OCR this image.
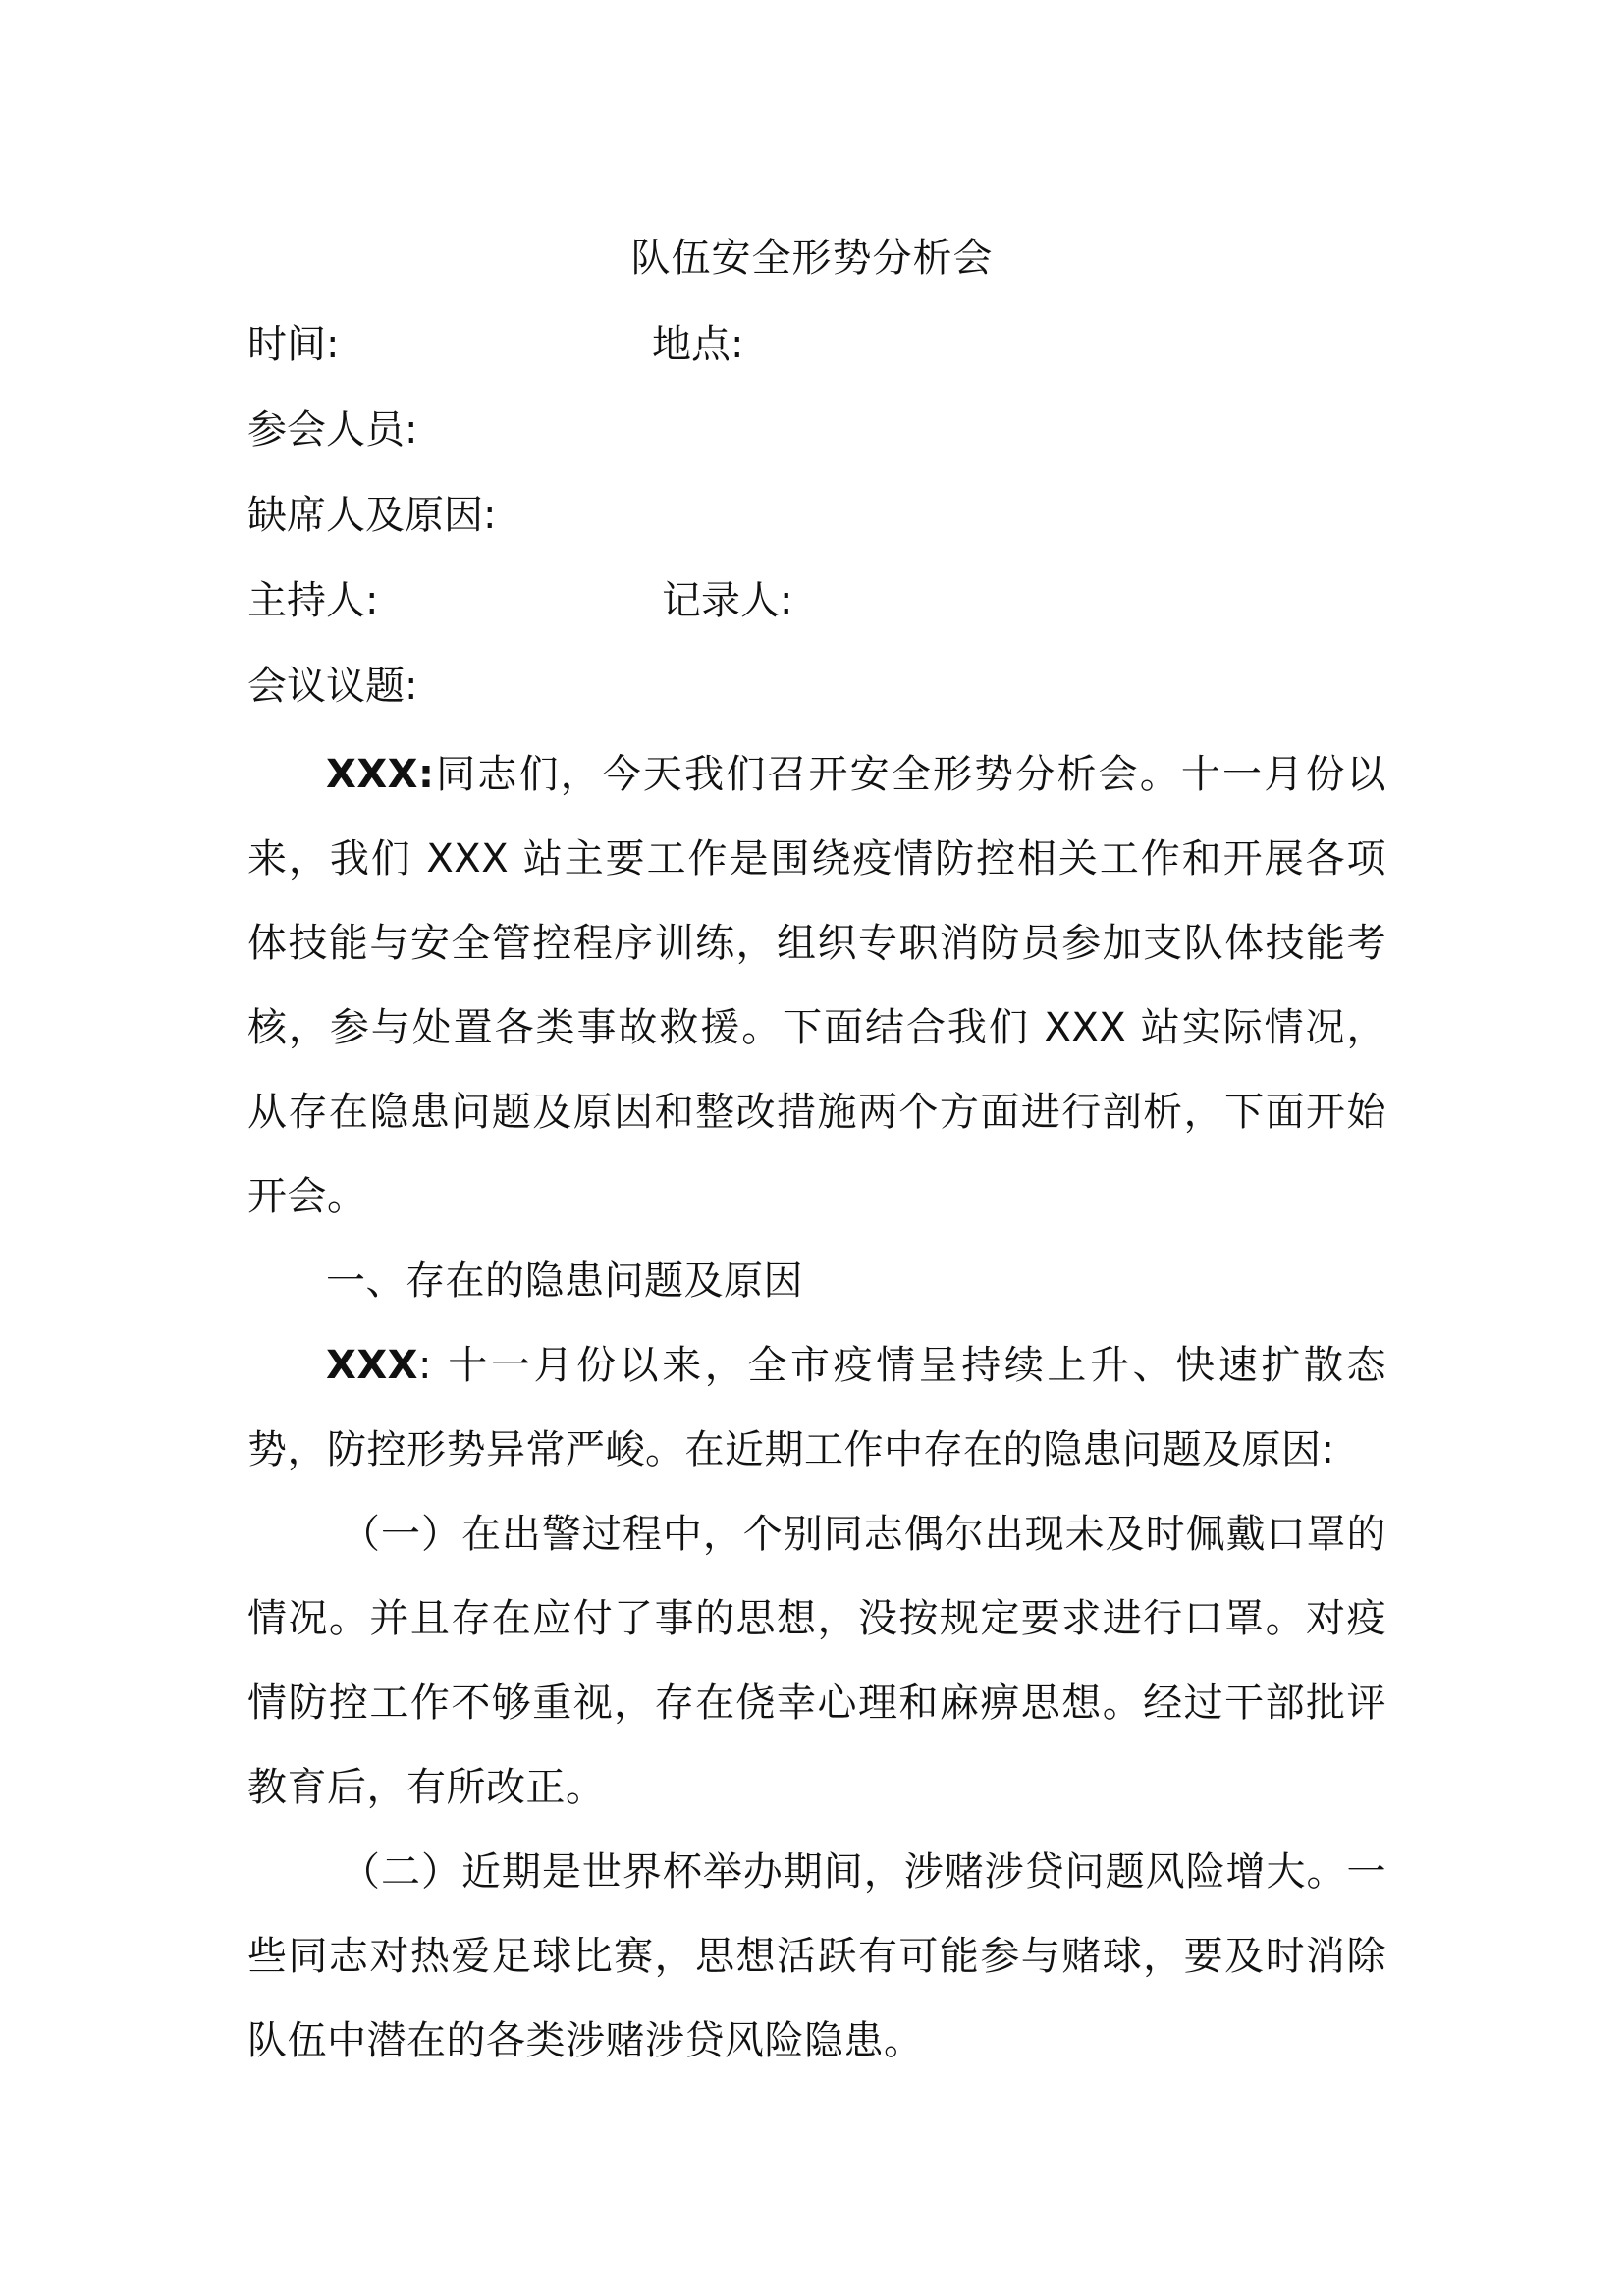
队伍安全形势分析会
时间:	地点:
参会人员:
缺席人及原因:
主持人:	记录人:
会议议题:
XXX:同志们，今天我们召开安全形势分析会。十一月份以来，我们 XXX 站主要工作是围绕疫情防控相关工作和开展各项体技能与安全管控程序训练，组织专职消防员参加支队体技能考核，参与处置各类事故救援。下面结合我们 XXX 站实际情况，从存在隐患问题及原因和整改措施两个方面进行剖析，下面开始开会。
一、存在的隐患问题及原因
XXX: 十一月份以来，全市疫情呈持续上升、快速扩散态势，防控形势异常严峻。在近期工作中存在的隐患问题及原因:
（一）在出警过程中，个别同志偶尔出现未及时佩戴口罩的情况。并且存在应付了事的思想，没按规定要求进行口罩。对疫情防控工作不够重视，存在侥幸心理和麻痹思想。经过干部批评教育后，有所改正。
（二）近期是世界杯举办期间，涉赌涉贷问题风险增大。一些同志对热爱足球比赛，思想活跃有可能参与赌球，要及时消除队伍中潜在的各类涉赌涉贷风险隐患。
